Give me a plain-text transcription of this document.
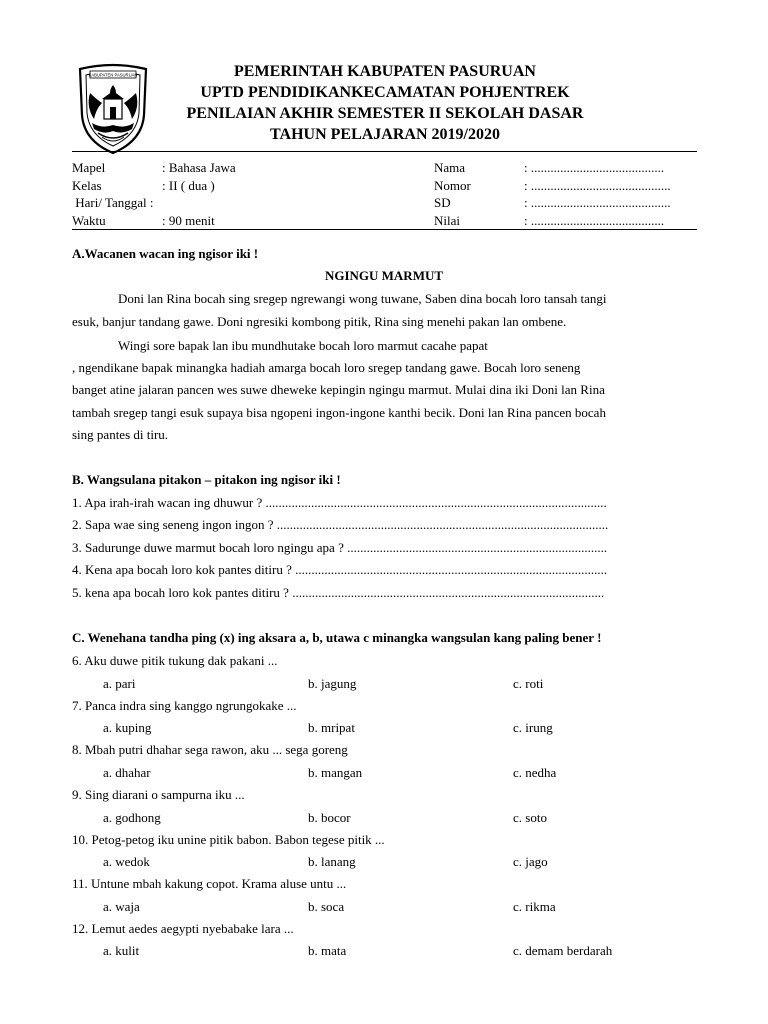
KABUPATEN PASURUAN	PEMERINTAH KABUPATEN PASURUAN
UPTD PENDIDIKANKECAMATAN POHJENTREK
PENILAIAN AKHIR SEMESTER II SEKOLAH DASAR
TAHUN PELAJARAN 2019/2020
Mapel	: Bahasa Jawa
Kelas	: II ( dua )
Hari/ Tanggal :
Waktu	: 90 menit
Nama	: .........................................
Nomor	: ...........................................
SD	: ...........................................
Nilai	: .........................................
A.Wacanen wacan ing ngisor iki !
NGINGU MARMUT
Doni lan Rina bocah sing sregep ngrewangi wong tuwane, Saben dina bocah loro tansah tangi
esuk, banjur tandang gawe. Doni ngresiki kombong pitik, Rina sing menehi pakan lan ombene.
Wingi sore bapak lan ibu mundhutake bocah loro marmut cacahe papat
, ngendikane bapak minangka hadiah amarga bocah loro sregep tandang gawe. Bocah loro seneng
banget atine jalaran pancen wes suwe dheweke kepingin ngingu marmut. Mulai dina iki Doni lan Rina
tambah sregep tangi esuk supaya bisa ngopeni ingon-ingone kanthi becik. Doni lan Rina pancen bocah
sing pantes di tiru.
B. Wangsulana pitakon – pitakon ing ngisor iki !
1. Apa irah-irah wacan ing dhuwur ? .........................................................................................................
2. Sapa wae sing seneng ingon ingon ? ......................................................................................................
3. Sadurunge duwe marmut bocah loro ngingu apa ? ................................................................................
4. Kena apa bocah loro kok pantes ditiru ? ................................................................................................
5. kena apa bocah loro kok pantes ditiru ? ................................................................................................
C. Wenehana tandha ping (x) ing aksara a, b, utawa c minangka wangsulan kang paling bener !
6. Aku duwe pitik tukung dak pakani ...
a. pari	b. jagung	c. roti
7. Panca indra sing kanggo ngrungokake ...
a. kuping	b. mripat	c. irung
8. Mbah putri dhahar sega rawon, aku ... sega goreng
a. dhahar	b. mangan	c. nedha
9. Sing diarani o sampurna iku ...
a. godhong	b. bocor	c. soto
10. Petog-petog iku unine pitik babon. Babon tegese pitik ...
a. wedok	b. lanang	c. jago
11. Untune mbah kakung copot. Krama aluse untu ...
a. waja	b. soca	c. rikma
12. Lemut aedes aegypti nyebabake lara ...
a. kulit	b. mata	c. demam berdarah
